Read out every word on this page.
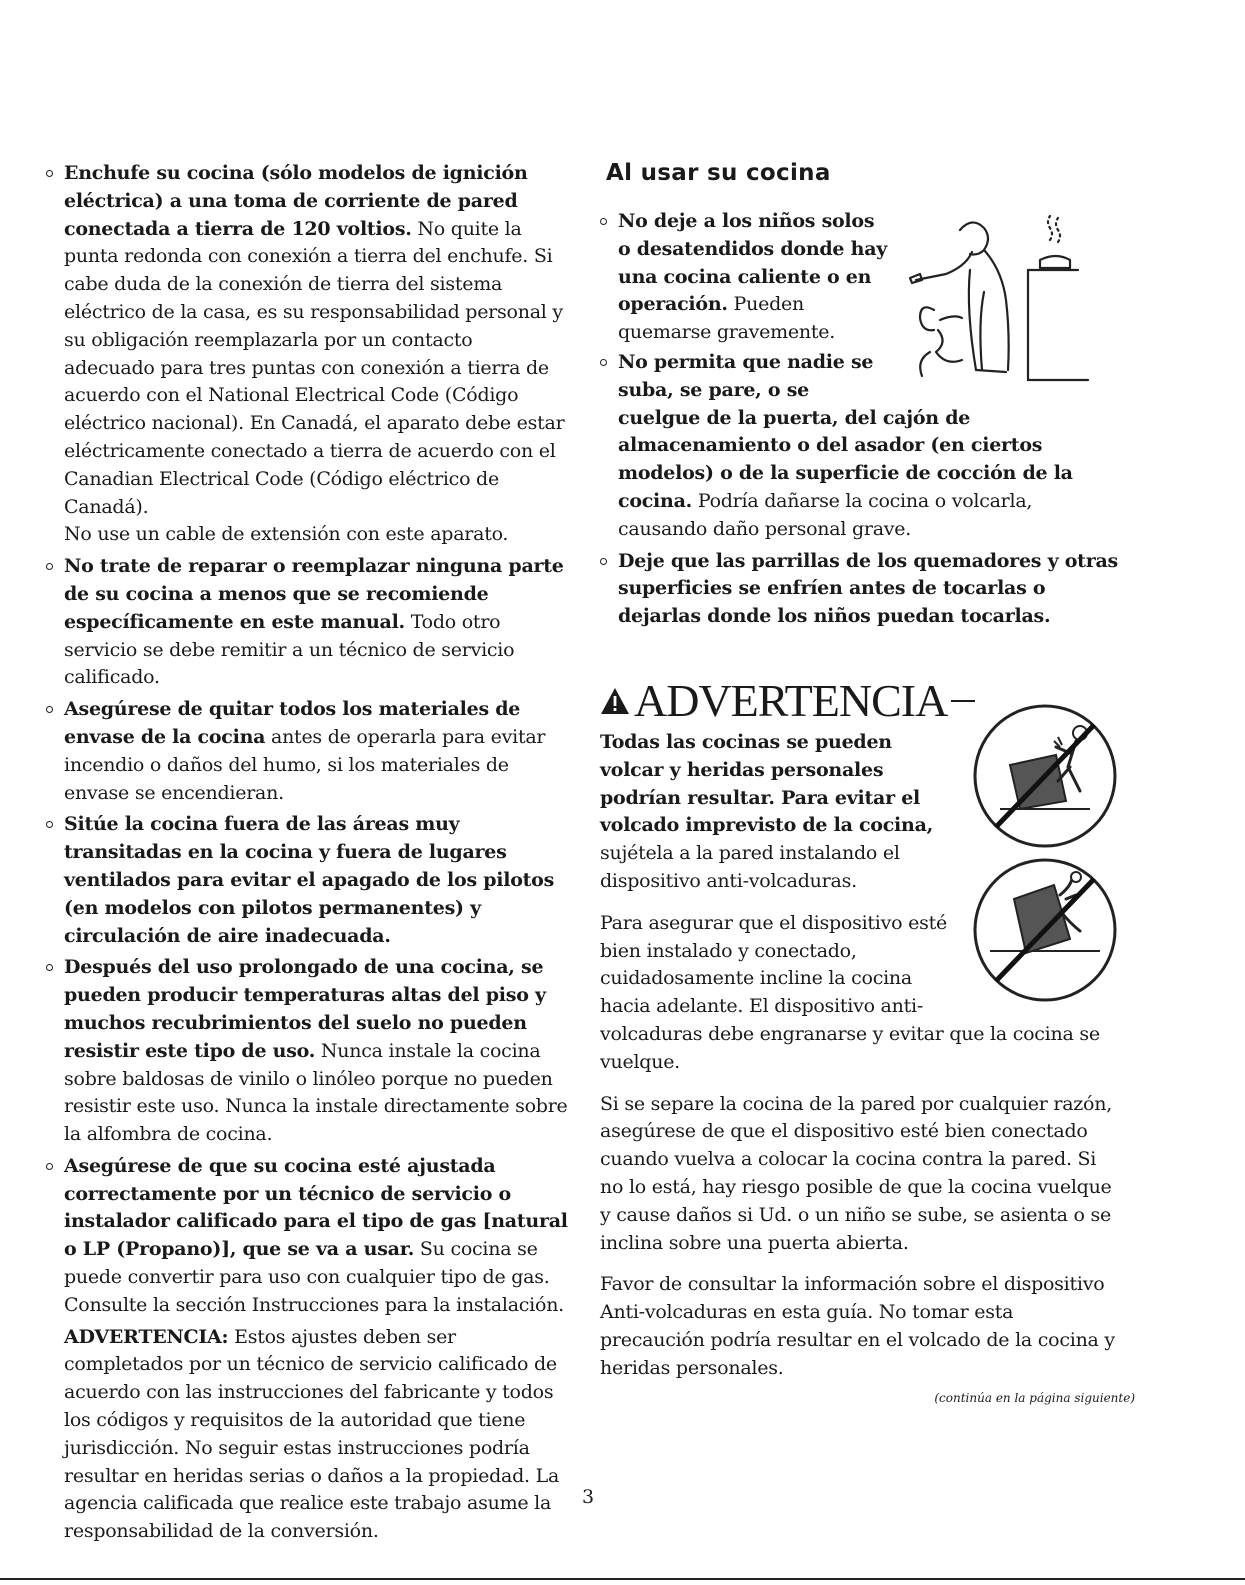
Enchufe su cocina (sólo modelos de ignición eléctrica) a una toma de corriente de pared conectada a tierra de 120 voltios. No quite la punta redonda con conexión a tierra del enchufe. Si cabe duda de la conexión de tierra del sistema eléctrico de la casa, es su responsabilidad personal y su obligación reemplazarla por un contacto adecuado para tres puntas con conexión a tierra de acuerdo con el National Electrical Code (Código eléctrico nacional). En Canadá, el aparato debe estar eléctricamente conectado a tierra de acuerdo con el Canadian Electrical Code (Código eléctrico de Canadá).

No use un cable de extensión con este aparato.

No trate de reparar o reemplazar ninguna parte de su cocina a menos que se recomiende específicamente en este manual. Todo otro servicio se debe remitir a un técnico de servicio calificado.

Asegúrese de quitar todos los materiales de envase de la cocina antes de operarla para evitar incendio o daños del humo, si los materiales de envase se encendieran.

Sitúe la cocina fuera de las áreas muy transitadas en la cocina y fuera de lugares ventilados para evitar el apagado de los pilotos (en modelos con pilotos permanentes) y circulación de aire inadecuada.

Después del uso prolongado de una cocina, se pueden producir temperaturas altas del piso y muchos recubrimientos del suelo no pueden resistir este tipo de uso. Nunca instale la cocina sobre baldosas de vinilo o linóleo porque no pueden resistir este uso. Nunca la instale directamente sobre la alfombra de cocina.

Asegúrese de que su cocina esté ajustada correctamente por un técnico de servicio o instalador calificado para el tipo de gas [natural o LP (Propano)], que se va a usar. Su cocina se puede convertir para uso con cualquier tipo de gas.

Consulte la sección Instrucciones para la instalación.

ADVERTENCIA: Estos ajustes deben ser completados por un técnico de servicio calificado de acuerdo con las instrucciones del fabricante y todos los códigos y requisitos de la autoridad que tiene jurisdicción. No seguir estas instrucciones podría resultar en heridas serias o daños a la propiedad. La agencia calificada que realice este trabajo asume la responsabilidad de la conversión.

Al usar su cocina

No deje a los niños solos o desatendidos donde hay una cocina caliente o en operación. Pueden quemarse gravemente.

No permita que nadie se suba, se pare, o se cuelgue de la puerta, del cajón de almacenamiento o del asador (en ciertos modelos) o de la superficie de cocción de la cocina. Podría dañarse la cocina o volcarla, causando daño personal grave.

Deje que las parrillas de los quemadores y otras superficies se enfríen antes de tocarlas o dejarlas donde los niños puedan tocarlas.

ADVERTENCIA

Todas las cocinas se pueden volcar y heridas personales podrían resultar. Para evitar el volcado imprevisto de la cocina, sujétela a la pared instalando el dispositivo anti-volcaduras.

Para asegurar que el dispositivo esté bien instalado y conectado, cuidadosamente incline la cocina hacia adelante. El dispositivo anti-volcaduras debe engranarse y evitar que la cocina se vuelque.

Si se separe la cocina de la pared por cualquier razón, asegúrese de que el dispositivo esté bien conectado cuando vuelva a colocar la cocina contra la pared. Si no lo está, hay riesgo posible de que la cocina vuelque y cause daños si Ud. o un niño se sube, se asienta o se inclina sobre una puerta abierta.

Favor de consultar la información sobre el dispositivo Anti-volcaduras en esta guía. No tomar esta precaución podría resultar en el volcado de la cocina y heridas personales.

(continúa en la página siguiente)
3
